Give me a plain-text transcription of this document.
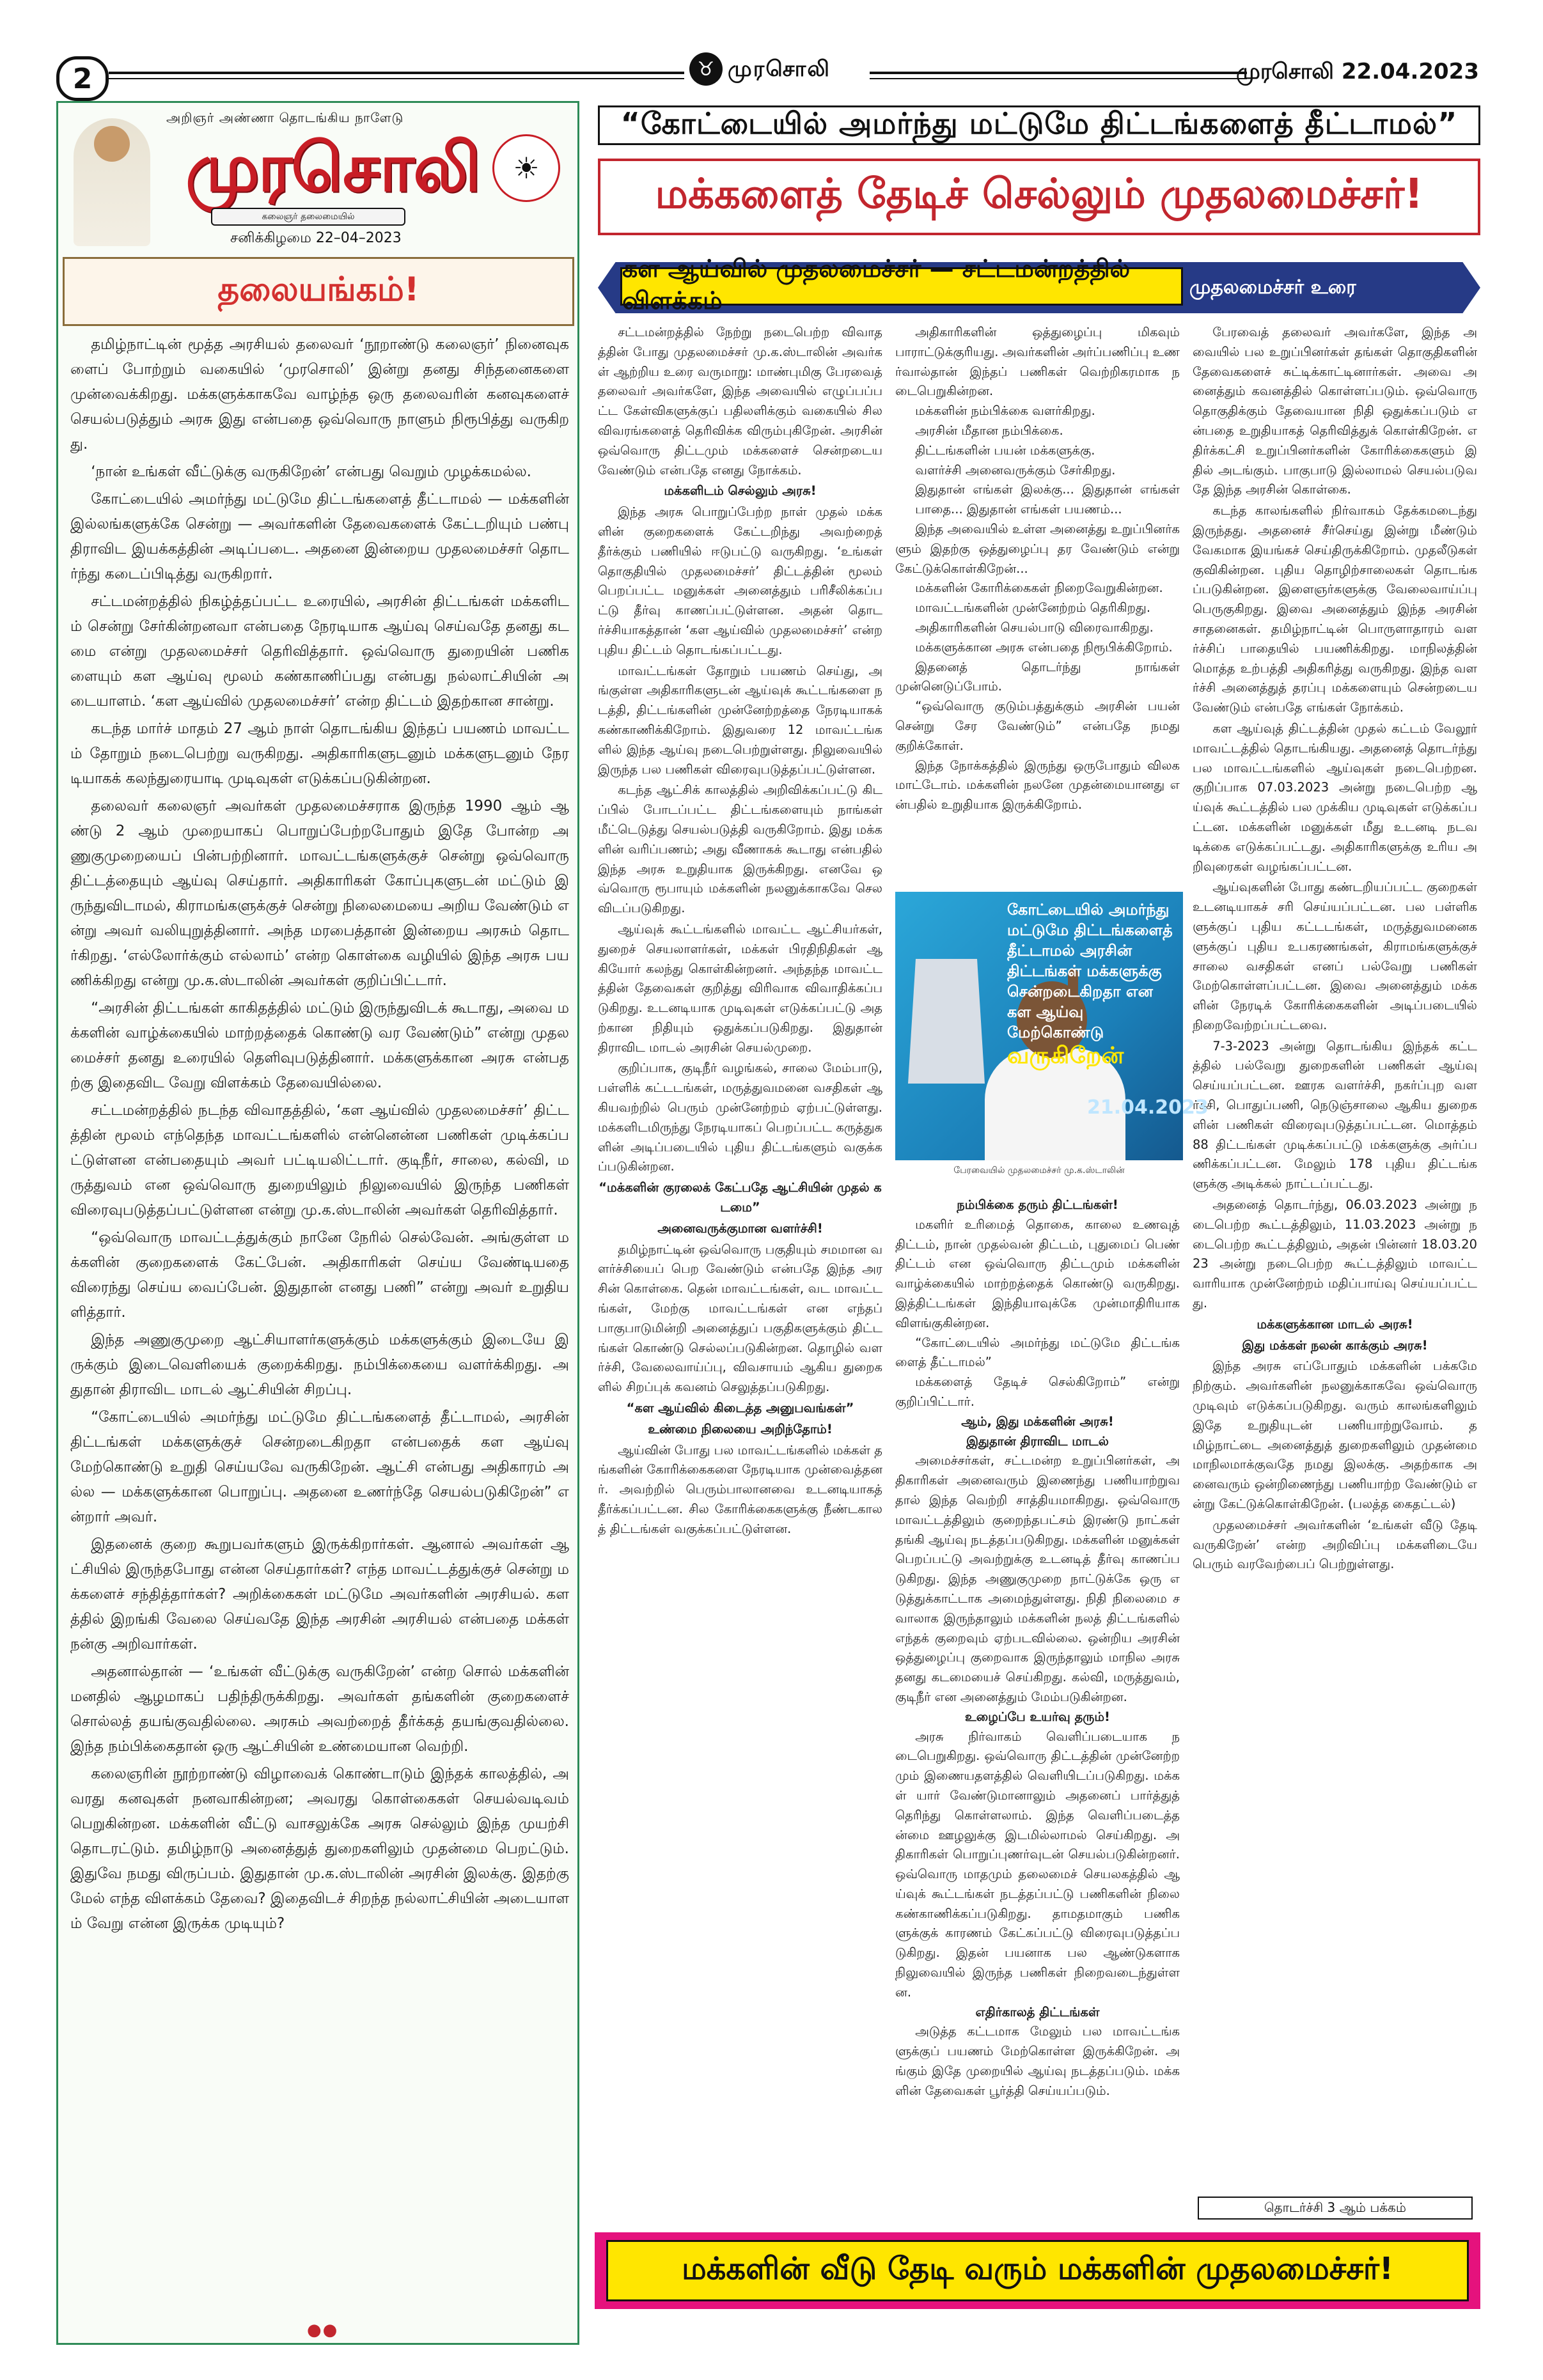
2	♉ முரசொலி	முரசொலி 22.04.2023
அறிஞர் அண்ணா தொடங்கிய நாளேடு
முரசொலி	☀
கலைஞர் தலைமையில்
சனிக்கிழமை 22–04–2023
தலையங்கம்!
தமிழ்நாட்டின் மூத்த அரசியல் தலைவர் ‘நூறாண்டு கலைஞர்’ நினைவுகளைப் போற்றும் வகையில் ‘முரசொலி’ இன்று தனது சிந்தனைகளை முன்வைக்கிறது. மக்களுக்காகவே வாழ்ந்த ஒரு தலைவரின் கனவுகளைச் செயல்படுத்தும் அரசு இது என்பதை ஒவ்வொரு நாளும் நிரூபித்து வருகிறது.
‘நான் உங்கள் வீட்டுக்கு வருகிறேன்’ என்பது வெறும் முழக்கமல்ல.
கோட்டையில் அமர்ந்து மட்டுமே திட்டங்களைத் தீட்டாமல் — மக்களின் இல்லங்களுக்கே சென்று — அவர்களின் தேவைகளைக் கேட்டறியும் பண்பு திராவிட இயக்கத்தின் அடிப்படை. அதனை இன்றைய முதலமைச்சர் தொடர்ந்து கடைப்பிடித்து வருகிறார்.
சட்டமன்றத்தில் நிகழ்த்தப்பட்ட உரையில், அரசின் திட்டங்கள் மக்களிடம் சென்று சேர்கின்றனவா என்பதை நேரடியாக ஆய்வு செய்வதே தனது கடமை என்று முதலமைச்சர் தெரிவித்தார். ஒவ்வொரு துறையின் பணிகளையும் கள ஆய்வு மூலம் கண்காணிப்பது என்பது நல்லாட்சியின் அடையாளம். ‘கள ஆய்வில் முதலமைச்சர்’ என்ற திட்டம் இதற்கான சான்று.
கடந்த மார்ச் மாதம் 27 ஆம் நாள் தொடங்கிய இந்தப் பயணம் மாவட்டம் தோறும் நடைபெற்று வருகிறது. அதிகாரிகளுடனும் மக்களுடனும் நேரடியாகக் கலந்துரையாடி முடிவுகள் எடுக்கப்படுகின்றன.
தலைவர் கலைஞர் அவர்கள் முதலமைச்சராக இருந்த 1990 ஆம் ஆண்டு 2 ஆம் முறையாகப் பொறுப்பேற்றபோதும் இதே போன்ற அணுகுமுறையைப் பின்பற்றினார். மாவட்டங்களுக்குச் சென்று ஒவ்வொரு திட்டத்தையும் ஆய்வு செய்தார். அதிகாரிகள் கோப்புகளுடன் மட்டும் இருந்துவிடாமல், கிராமங்களுக்குச் சென்று நிலைமையை அறிய வேண்டும் என்று அவர் வலியுறுத்தினார். அந்த மரபைத்தான் இன்றைய அரசும் தொடர்கிறது. ‘எல்லோர்க்கும் எல்லாம்’ என்ற கொள்கை வழியில் இந்த அரசு பயணிக்கிறது என்று மு.க.ஸ்டாலின் அவர்கள் குறிப்பிட்டார்.
“அரசின் திட்டங்கள் காகிதத்தில் மட்டும் இருந்துவிடக் கூடாது, அவை மக்களின் வாழ்க்கையில் மாற்றத்தைக் கொண்டு வர வேண்டும்” என்று முதலமைச்சர் தனது உரையில் தெளிவுபடுத்தினார். மக்களுக்கான அரசு என்பதற்கு இதைவிட வேறு விளக்கம் தேவையில்லை.
சட்டமன்றத்தில் நடந்த விவாதத்தில், ‘கள ஆய்வில் முதலமைச்சர்’ திட்டத்தின் மூலம் எந்தெந்த மாவட்டங்களில் என்னென்ன பணிகள் முடிக்கப்பட்டுள்ளன என்பதையும் அவர் பட்டியலிட்டார். குடிநீர், சாலை, கல்வி, மருத்துவம் என ஒவ்வொரு துறையிலும் நிலுவையில் இருந்த பணிகள் விரைவுபடுத்தப்பட்டுள்ளன என்று மு.க.ஸ்டாலின் அவர்கள் தெரிவித்தார்.
“ஒவ்வொரு மாவட்டத்துக்கும் நானே நேரில் செல்வேன். அங்குள்ள மக்களின் குறைகளைக் கேட்பேன். அதிகாரிகள் செய்ய வேண்டியதை விரைந்து செய்ய வைப்பேன். இதுதான் எனது பணி” என்று அவர் உறுதியளித்தார்.
இந்த அணுகுமுறை ஆட்சியாளர்களுக்கும் மக்களுக்கும் இடையே இருக்கும் இடைவெளியைக் குறைக்கிறது. நம்பிக்கையை வளர்க்கிறது. அதுதான் திராவிட மாடல் ஆட்சியின் சிறப்பு.
“கோட்டையில் அமர்ந்து மட்டுமே திட்டங்களைத் தீட்டாமல், அரசின் திட்டங்கள் மக்களுக்குச் சென்றடைகிறதா என்பதைக் கள ஆய்வு மேற்கொண்டு உறுதி செய்யவே வருகிறேன். ஆட்சி என்பது அதிகாரம் அல்ல — மக்களுக்கான பொறுப்பு. அதனை உணர்ந்தே செயல்படுகிறேன்” என்றார் அவர்.
இதனைக் குறை கூறுபவர்களும் இருக்கிறார்கள். ஆனால் அவர்கள் ஆட்சியில் இருந்தபோது என்ன செய்தார்கள்? எந்த மாவட்டத்துக்குச் சென்று மக்களைச் சந்தித்தார்கள்? அறிக்கைகள் மட்டுமே அவர்களின் அரசியல். களத்தில் இறங்கி வேலை செய்வதே இந்த அரசின் அரசியல் என்பதை மக்கள் நன்கு அறிவார்கள்.
அதனால்தான் — ‘உங்கள் வீட்டுக்கு வருகிறேன்’ என்ற சொல் மக்களின் மனதில் ஆழமாகப் பதிந்திருக்கிறது. அவர்கள் தங்களின் குறைகளைச் சொல்லத் தயங்குவதில்லை. அரசும் அவற்றைத் தீர்க்கத் தயங்குவதில்லை. இந்த நம்பிக்கைதான் ஒரு ஆட்சியின் உண்மையான வெற்றி.
கலைஞரின் நூற்றாண்டு விழாவைக் கொண்டாடும் இந்தக் காலத்தில், அவரது கனவுகள் நனவாகின்றன; அவரது கொள்கைகள் செயல்வடிவம் பெறுகின்றன. மக்களின் வீட்டு வாசலுக்கே அரசு செல்லும் இந்த முயற்சி தொடரட்டும். தமிழ்நாடு அனைத்துத் துறைகளிலும் முதன்மை பெறட்டும். இதுவே நமது விருப்பம். இதுதான் மு.க.ஸ்டாலின் அரசின் இலக்கு. இதற்கு மேல் எந்த விளக்கம் தேவை? இதைவிடச் சிறந்த நல்லாட்சியின் அடையாளம் வேறு என்ன இருக்க முடியும்?
●●
“கோட்டையில் அமர்ந்து மட்டுமே திட்டங்களைத் தீட்டாமல்”
மக்களைத் தேடிச் செல்லும் முதலமைச்சர்!
கள ஆய்வில் முதலமைச்சர் — சட்டமன்றத்தில் விளக்கம்	முதலமைச்சர் உரை
சட்டமன்றத்தில் நேற்று நடைபெற்ற விவாதத்தின் போது முதலமைச்சர் மு.க.ஸ்டாலின் அவர்கள் ஆற்றிய உரை வருமாறு: மாண்புமிகு பேரவைத் தலைவர் அவர்களே, இந்த அவையில் எழுப்பப்பட்ட கேள்விகளுக்குப் பதிலளிக்கும் வகையில் சில விவரங்களைத் தெரிவிக்க விரும்புகிறேன். அரசின் ஒவ்வொரு திட்டமும் மக்களைச் சென்றடைய வேண்டும் என்பதே எனது நோக்கம்.
மக்களிடம் செல்லும் அரசு!
இந்த அரசு பொறுப்பேற்ற நாள் முதல் மக்களின் குறைகளைக் கேட்டறிந்து அவற்றைத் தீர்க்கும் பணியில் ஈடுபட்டு வருகிறது. ‘உங்கள் தொகுதியில் முதலமைச்சர்’ திட்டத்தின் மூலம் பெறப்பட்ட மனுக்கள் அனைத்தும் பரிசீலிக்கப்பட்டு தீர்வு காணப்பட்டுள்ளன. அதன் தொடர்ச்சியாகத்தான் ‘கள ஆய்வில் முதலமைச்சர்’ என்ற புதிய திட்டம் தொடங்கப்பட்டது.
மாவட்டங்கள் தோறும் பயணம் செய்து, அங்குள்ள அதிகாரிகளுடன் ஆய்வுக் கூட்டங்களை நடத்தி, திட்டங்களின் முன்னேற்றத்தை நேரடியாகக் கண்காணிக்கிறோம். இதுவரை 12 மாவட்டங்களில் இந்த ஆய்வு நடைபெற்றுள்ளது. நிலுவையில் இருந்த பல பணிகள் விரைவுபடுத்தப்பட்டுள்ளன.
கடந்த ஆட்சிக் காலத்தில் அறிவிக்கப்பட்டு கிடப்பில் போடப்பட்ட திட்டங்களையும் நாங்கள் மீட்டெடுத்து செயல்படுத்தி வருகிறோம். இது மக்களின் வரிப்பணம்; அது வீணாகக் கூடாது என்பதில் இந்த அரசு உறுதியாக இருக்கிறது. எனவே ஒவ்வொரு ரூபாயும் மக்களின் நலனுக்காகவே செலவிடப்படுகிறது.
ஆய்வுக் கூட்டங்களில் மாவட்ட ஆட்சியர்கள், துறைச் செயலாளர்கள், மக்கள் பிரதிநிதிகள் ஆகியோர் கலந்து கொள்கின்றனர். அந்தந்த மாவட்டத்தின் தேவைகள் குறித்து விரிவாக விவாதிக்கப்படுகிறது. உடனடியாக முடிவுகள் எடுக்கப்பட்டு அதற்கான நிதியும் ஒதுக்கப்படுகிறது. இதுதான் திராவிட மாடல் அரசின் செயல்முறை.
குறிப்பாக, குடிநீர் வழங்கல், சாலை மேம்பாடு, பள்ளிக் கட்டடங்கள், மருத்துவமனை வசதிகள் ஆகியவற்றில் பெரும் முன்னேற்றம் ஏற்பட்டுள்ளது. மக்களிடமிருந்து நேரடியாகப் பெறப்பட்ட கருத்துகளின் அடிப்படையில் புதிய திட்டங்களும் வகுக்கப்படுகின்றன.
“மக்களின் குரலைக் கேட்பதே ஆட்சியின் முதல் கடமை”
அனைவருக்குமான வளர்ச்சி!
தமிழ்நாட்டின் ஒவ்வொரு பகுதியும் சமமான வளர்ச்சியைப் பெற வேண்டும் என்பதே இந்த அரசின் கொள்கை. தென் மாவட்டங்கள், வட மாவட்டங்கள், மேற்கு மாவட்டங்கள் என எந்தப் பாகுபாடுமின்றி அனைத்துப் பகுதிகளுக்கும் திட்டங்கள் கொண்டு செல்லப்படுகின்றன. தொழில் வளர்ச்சி, வேலைவாய்ப்பு, விவசாயம் ஆகிய துறைகளில் சிறப்புக் கவனம் செலுத்தப்படுகிறது.
“கள ஆய்வில் கிடைத்த அனுபவங்கள்”
உண்மை நிலையை அறிந்தோம்!
ஆய்வின் போது பல மாவட்டங்களில் மக்கள் தங்களின் கோரிக்கைகளை நேரடியாக முன்வைத்தனர். அவற்றில் பெரும்பாலானவை உடனடியாகத் தீர்க்கப்பட்டன. சில கோரிக்கைகளுக்கு நீண்டகாலத் திட்டங்கள் வகுக்கப்பட்டுள்ளன.
அதிகாரிகளின் ஒத்துழைப்பு மிகவும் பாராட்டுக்குரியது. அவர்களின் அர்ப்பணிப்பு உணர்வால்தான் இந்தப் பணிகள் வெற்றிகரமாக நடைபெறுகின்றன.
மக்களின் நம்பிக்கை வளர்கிறது.
அரசின் மீதான நம்பிக்கை.
திட்டங்களின் பயன் மக்களுக்கு.
வளர்ச்சி அனைவருக்கும் சேர்கிறது.
இதுதான் எங்கள் இலக்கு... இதுதான் எங்கள் பாதை... இதுதான் எங்கள் பயணம்...
இந்த அவையில் உள்ள அனைத்து உறுப்பினர்களும் இதற்கு ஒத்துழைப்பு தர வேண்டும் என்று கேட்டுக்கொள்கிறேன்...
மக்களின் கோரிக்கைகள் நிறைவேறுகின்றன.
மாவட்டங்களின் முன்னேற்றம் தெரிகிறது.
அதிகாரிகளின் செயல்பாடு விரைவாகிறது.
மக்களுக்கான அரசு என்பதை நிரூபிக்கிறோம்.
இதனைத் தொடர்ந்து நாங்கள் முன்னெடுப்போம்.
“ஒவ்வொரு குடும்பத்துக்கும் அரசின் பயன் சென்று சேர வேண்டும்” என்பதே நமது குறிக்கோள்.
இந்த நோக்கத்தில் இருந்து ஒருபோதும் விலக மாட்டோம். மக்களின் நலனே முதன்மையானது என்பதில் உறுதியாக இருக்கிறோம்.
நம்பிக்கை தரும் திட்டங்கள்!
மகளிர் உரிமைத் தொகை, காலை உணவுத் திட்டம், நான் முதல்வன் திட்டம், புதுமைப் பெண் திட்டம் என ஒவ்வொரு திட்டமும் மக்களின் வாழ்க்கையில் மாற்றத்தைக் கொண்டு வருகிறது. இத்திட்டங்கள் இந்தியாவுக்கே முன்மாதிரியாக விளங்குகின்றன.
“கோட்டையில் அமர்ந்து மட்டுமே திட்டங்களைத் தீட்டாமல்”
மக்களைத் தேடிச் செல்கிறோம்” என்று குறிப்பிட்டார்.
ஆம், இது மக்களின் அரசு!
இதுதான் திராவிட மாடல்
அமைச்சர்கள், சட்டமன்ற உறுப்பினர்கள், அதிகாரிகள் அனைவரும் இணைந்து பணியாற்றுவதால் இந்த வெற்றி சாத்தியமாகிறது. ஒவ்வொரு மாவட்டத்திலும் குறைந்தபட்சம் இரண்டு நாட்கள் தங்கி ஆய்வு நடத்தப்படுகிறது. மக்களின் மனுக்கள் பெறப்பட்டு அவற்றுக்கு உடனடித் தீர்வு காணப்படுகிறது. இந்த அணுகுமுறை நாட்டுக்கே ஒரு எடுத்துக்காட்டாக அமைந்துள்ளது. நிதி நிலைமை சவாலாக இருந்தாலும் மக்களின் நலத் திட்டங்களில் எந்தக் குறைவும் ஏற்படவில்லை. ஒன்றிய அரசின் ஒத்துழைப்பு குறைவாக இருந்தாலும் மாநில அரசு தனது கடமையைச் செய்கிறது. கல்வி, மருத்துவம், குடிநீர் என அனைத்தும் மேம்படுகின்றன.
உழைப்பே உயர்வு தரும்!
அரசு நிர்வாகம் வெளிப்படையாக நடைபெறுகிறது. ஒவ்வொரு திட்டத்தின் முன்னேற்றமும் இணையதளத்தில் வெளியிடப்படுகிறது. மக்கள் யார் வேண்டுமானாலும் அதனைப் பார்த்துத் தெரிந்து கொள்ளலாம். இந்த வெளிப்படைத்தன்மை ஊழலுக்கு இடமில்லாமல் செய்கிறது. அதிகாரிகள் பொறுப்புணர்வுடன் செயல்படுகின்றனர். ஒவ்வொரு மாதமும் தலைமைச் செயலகத்தில் ஆய்வுக் கூட்டங்கள் நடத்தப்பட்டு பணிகளின் நிலை கண்காணிக்கப்படுகிறது. தாமதமாகும் பணிகளுக்குக் காரணம் கேட்கப்பட்டு விரைவுபடுத்தப்படுகிறது. இதன் பயனாக பல ஆண்டுகளாக நிலுவையில் இருந்த பணிகள் நிறைவடைந்துள்ளன.
எதிர்காலத் திட்டங்கள்
அடுத்த கட்டமாக மேலும் பல மாவட்டங்களுக்குப் பயணம் மேற்கொள்ள இருக்கிறேன். அங்கும் இதே முறையில் ஆய்வு நடத்தப்படும். மக்களின் தேவைகள் பூர்த்தி செய்யப்படும்.
பேரவைத் தலைவர் அவர்களே, இந்த அவையில் பல உறுப்பினர்கள் தங்கள் தொகுதிகளின் தேவைகளைச் சுட்டிக்காட்டினார்கள். அவை அனைத்தும் கவனத்தில் கொள்ளப்படும். ஒவ்வொரு தொகுதிக்கும் தேவையான நிதி ஒதுக்கப்படும் என்பதை உறுதியாகத் தெரிவித்துக் கொள்கிறேன். எதிர்க்கட்சி உறுப்பினர்களின் கோரிக்கைகளும் இதில் அடங்கும். பாகுபாடு இல்லாமல் செயல்படுவதே இந்த அரசின் கொள்கை.
கடந்த காலங்களில் நிர்வாகம் தேக்கமடைந்து இருந்தது. அதனைச் சீர்செய்து இன்று மீண்டும் வேகமாக இயங்கச் செய்திருக்கிறோம். முதலீடுகள் குவிகின்றன. புதிய தொழிற்சாலைகள் தொடங்கப்படுகின்றன. இளைஞர்களுக்கு வேலைவாய்ப்பு பெருகுகிறது. இவை அனைத்தும் இந்த அரசின் சாதனைகள். தமிழ்நாட்டின் பொருளாதாரம் வளர்ச்சிப் பாதையில் பயணிக்கிறது. மாநிலத்தின் மொத்த உற்பத்தி அதிகரித்து வருகிறது. இந்த வளர்ச்சி அனைத்துத் தரப்பு மக்களையும் சென்றடைய வேண்டும் என்பதே எங்கள் நோக்கம்.
கள ஆய்வுத் திட்டத்தின் முதல் கட்டம் வேலூர் மாவட்டத்தில் தொடங்கியது. அதனைத் தொடர்ந்து பல மாவட்டங்களில் ஆய்வுகள் நடைபெற்றன. குறிப்பாக 07.03.2023 அன்று நடைபெற்ற ஆய்வுக் கூட்டத்தில் பல முக்கிய முடிவுகள் எடுக்கப்பட்டன. மக்களின் மனுக்கள் மீது உடனடி நடவடிக்கை எடுக்கப்பட்டது. அதிகாரிகளுக்கு உரிய அறிவுரைகள் வழங்கப்பட்டன.
ஆய்வுகளின் போது கண்டறியப்பட்ட குறைகள் உடனடியாகச் சரி செய்யப்பட்டன. பல பள்ளிகளுக்குப் புதிய கட்டடங்கள், மருத்துவமனைகளுக்குப் புதிய உபகரணங்கள், கிராமங்களுக்குச் சாலை வசதிகள் எனப் பல்வேறு பணிகள் மேற்கொள்ளப்பட்டன. இவை அனைத்தும் மக்களின் நேரடிக் கோரிக்கைகளின் அடிப்படையில் நிறைவேற்றப்பட்டவை.
7-3-2023 அன்று தொடங்கிய இந்தக் கட்டத்தில் பல்வேறு துறைகளின் பணிகள் ஆய்வு செய்யப்பட்டன. ஊரக வளர்ச்சி, நகர்ப்புற வளர்ச்சி, பொதுப்பணி, நெடுஞ்சாலை ஆகிய துறைகளின் பணிகள் விரைவுபடுத்தப்பட்டன. மொத்தம் 88 திட்டங்கள் முடிக்கப்பட்டு மக்களுக்கு அர்ப்பணிக்கப்பட்டன. மேலும் 178 புதிய திட்டங்களுக்கு அடிக்கல் நாட்டப்பட்டது.
அதனைத் தொடர்ந்து, 06.03.2023 அன்று நடைபெற்ற கூட்டத்திலும், 11.03.2023 அன்று நடைபெற்ற கூட்டத்திலும், அதன் பின்னர் 18.03.2023 அன்று நடைபெற்ற கூட்டத்திலும் மாவட்ட வாரியாக முன்னேற்றம் மதிப்பாய்வு செய்யப்பட்டது.
மக்களுக்கான மாடல் அரசு!
இது மக்கள் நலன் காக்கும் அரசு!
இந்த அரசு எப்போதும் மக்களின் பக்கமே நிற்கும். அவர்களின் நலனுக்காகவே ஒவ்வொரு முடிவும் எடுக்கப்படுகிறது. வரும் காலங்களிலும் இதே உறுதியுடன் பணியாற்றுவோம். தமிழ்நாட்டை அனைத்துத் துறைகளிலும் முதன்மை மாநிலமாக்குவதே நமது இலக்கு. அதற்காக அனைவரும் ஒன்றிணைந்து பணியாற்ற வேண்டும் என்று கேட்டுக்கொள்கிறேன். (பலத்த கைதட்டல்)
முதலமைச்சர் அவர்களின் ‘உங்கள் வீடு தேடி வருகிறேன்’ என்ற அறிவிப்பு மக்களிடையே பெரும் வரவேற்பைப் பெற்றுள்ளது.
கோட்டையில் அமர்ந்து மட்டுமே திட்டங்களைத் தீட்டாமல் அரசின் திட்டங்கள் மக்களுக்கு சென்றடைகிறதா என கள ஆய்வு மேற்கொண்டு
வருகிறேன்
21.04.2023
பேரவையில் முதலமைச்சர் மு.க.ஸ்டாலின்
தொடர்ச்சி 3 ஆம் பக்கம்
மக்களின் வீடு தேடி வரும் மக்களின் முதலமைச்சர்!
